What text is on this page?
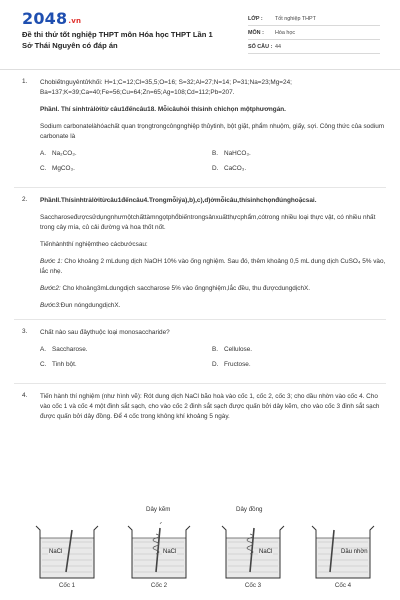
2048.vn
Đề thi thử tốt nghiệp THPT môn Hóa học THPT Lần 1 Sở Thái Nguyên có đáp án
LỚP :	Tốt nghiệp THPT
MÔN :	Hóa học
SỐ CÂU : 44
1. Chobiếtnguyêntửkhối: H=1;C=12;Cl=35,5;O=16; S=32;Al=27;N=14; P=31;Na=23;Mg=24; Ba=137;K=39;Ca=40;Fe=56;Cu=64;Zn=65;Ag=108;Cd=112;Pb=207.

PhầnI. Thí sinhtrảlờitừ câu1đếncâu18. Mỗicâuhỏi thísinh chỉchọn mộtphươngán.

Sodium carbonatelàhóachất quan trọngtrongcôngnghiệp thủytinh, bột giặt, phẩm nhuộm, giấy, sợi. Công thức của sodium carbonate là

A. Na₂CO₃.	B. NaHCO₃.
C. MgCO₃.	D. CaCO₃.
2. PhầnII.Thísinhtrảlờitừcâu1đếncâu4.Trongmỗiýa),b),c),d)ởmỗicâu,thísinhchọnđúnghoặcsai.

Saccharoseđượcsửdụngnhưmộtchấttàmngọtphổbiếntrongsảnxuấtthựcphẩm,cótrong nhiều loại thực vật, có nhiều nhất trong cây mía, củ cải đường và hoa thốt nốt.

Tiếnhànhthí nghiệmtheo cácbướcsau:

Bước 1: Cho khoảng 2 mLdung dịch NaOH 10% vào ống nghiệm. Sau đó, thêm khoảng 0,5 mL dung dịch CuSO₄ 5% vào, lắc nhẹ.

Bước2: Cho khoảng3mLdungdịch saccharose 5% vào ốngnghiệm,lắc đều, thu đượcdungdịchX.

Bước3:Đun nóngdungdịchX.

3. Chất nào sau đâythuộc loại monosaccharide?

A. Saccharose.	B. Cellulose.
C. Tinh bột.	D. Fructose.
4. Tiến hành thí nghiệm (như hình vẽ): Rót dung dịch NaCl bão hoà vào cốc 1, cốc 2, cốc 3; cho dầu nhờn vào cốc 4. Cho vào cốc 1 và cốc 4 một đinh sắt sạch, cho vào cốc 2 đinh sắt sạch được quấn bởi dây kẽm, cho vào cốc 3 đinh sắt sạch được quấn bởi dây đồng. Để 4 cốc trong không khí khoảng 5 ngày.

Dây kẽm	Dây đồng
NaCl
Cốc 1
NaCl
Cốc 2
NaCl
Cốc 3
Dầu nhờn
Cốc 4
